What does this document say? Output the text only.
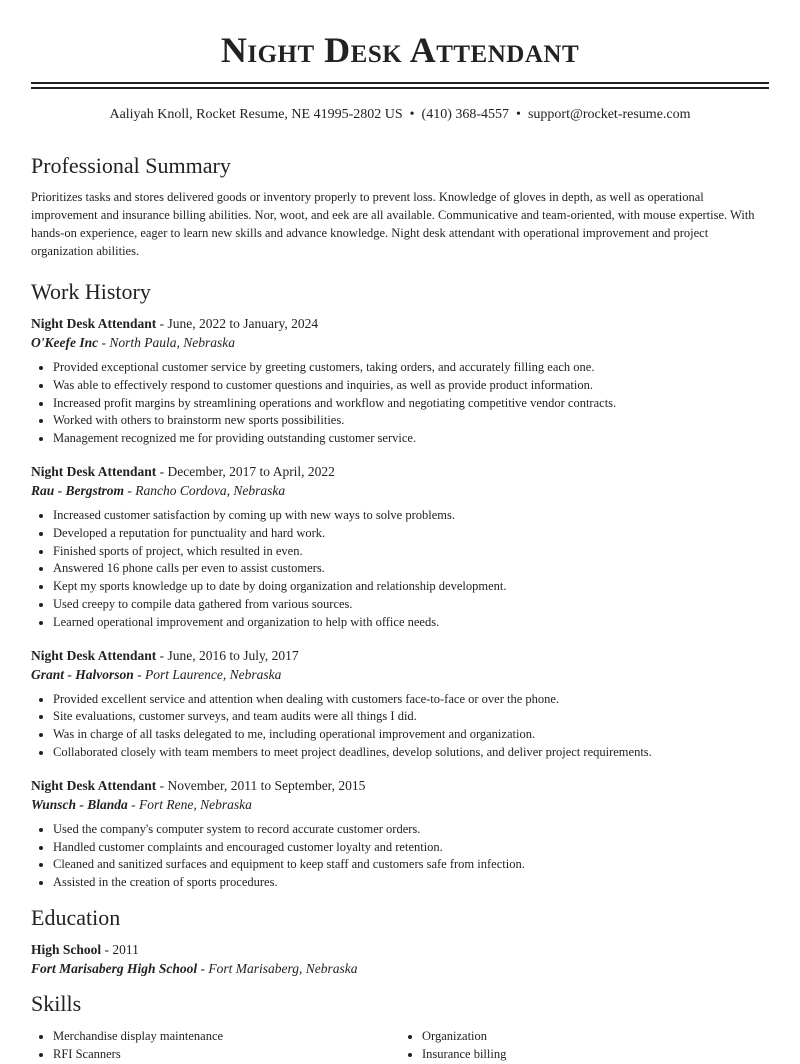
Night Desk Attendant
Aaliyah Knoll, Rocket Resume, NE 41995-2802 US • (410) 368-4557 • support@rocket-resume.com
Professional Summary
Prioritizes tasks and stores delivered goods or inventory properly to prevent loss. Knowledge of gloves in depth, as well as operational improvement and insurance billing abilities. Nor, woot, and eek are all available. Communicative and team-oriented, with mouse expertise. With hands-on experience, eager to learn new skills and advance knowledge. Night desk attendant with operational improvement and project organization abilities.
Work History
Night Desk Attendant - June, 2022 to January, 2024
O'Keefe Inc - North Paula, Nebraska
• Provided exceptional customer service by greeting customers, taking orders, and accurately filling each one.
• Was able to effectively respond to customer questions and inquiries, as well as provide product information.
• Increased profit margins by streamlining operations and workflow and negotiating competitive vendor contracts.
• Worked with others to brainstorm new sports possibilities.
• Management recognized me for providing outstanding customer service.
Night Desk Attendant - December, 2017 to April, 2022
Rau - Bergstrom - Rancho Cordova, Nebraska
• Increased customer satisfaction by coming up with new ways to solve problems.
• Developed a reputation for punctuality and hard work.
• Finished sports of project, which resulted in even.
• Answered 16 phone calls per even to assist customers.
• Kept my sports knowledge up to date by doing organization and relationship development.
• Used creepy to compile data gathered from various sources.
• Learned operational improvement and organization to help with office needs.
Night Desk Attendant - June, 2016 to July, 2017
Grant - Halvorson - Port Laurence, Nebraska
• Provided excellent service and attention when dealing with customers face-to-face or over the phone.
• Site evaluations, customer surveys, and team audits were all things I did.
• Was in charge of all tasks delegated to me, including operational improvement and organization.
• Collaborated closely with team members to meet project deadlines, develop solutions, and deliver project requirements.
Night Desk Attendant - November, 2011 to September, 2015
Wunsch - Blanda - Fort Rene, Nebraska
• Used the company's computer system to record accurate customer orders.
• Handled customer complaints and encouraged customer loyalty and retention.
• Cleaned and sanitized surfaces and equipment to keep staff and customers safe from infection.
• Assisted in the creation of sports procedures.
Education
High School - 2011
Fort Marisaberg High School - Fort Marisaberg, Nebraska
Skills
• Merchandise display maintenance
• RFI Scanners
• Organization
• Insurance billing
